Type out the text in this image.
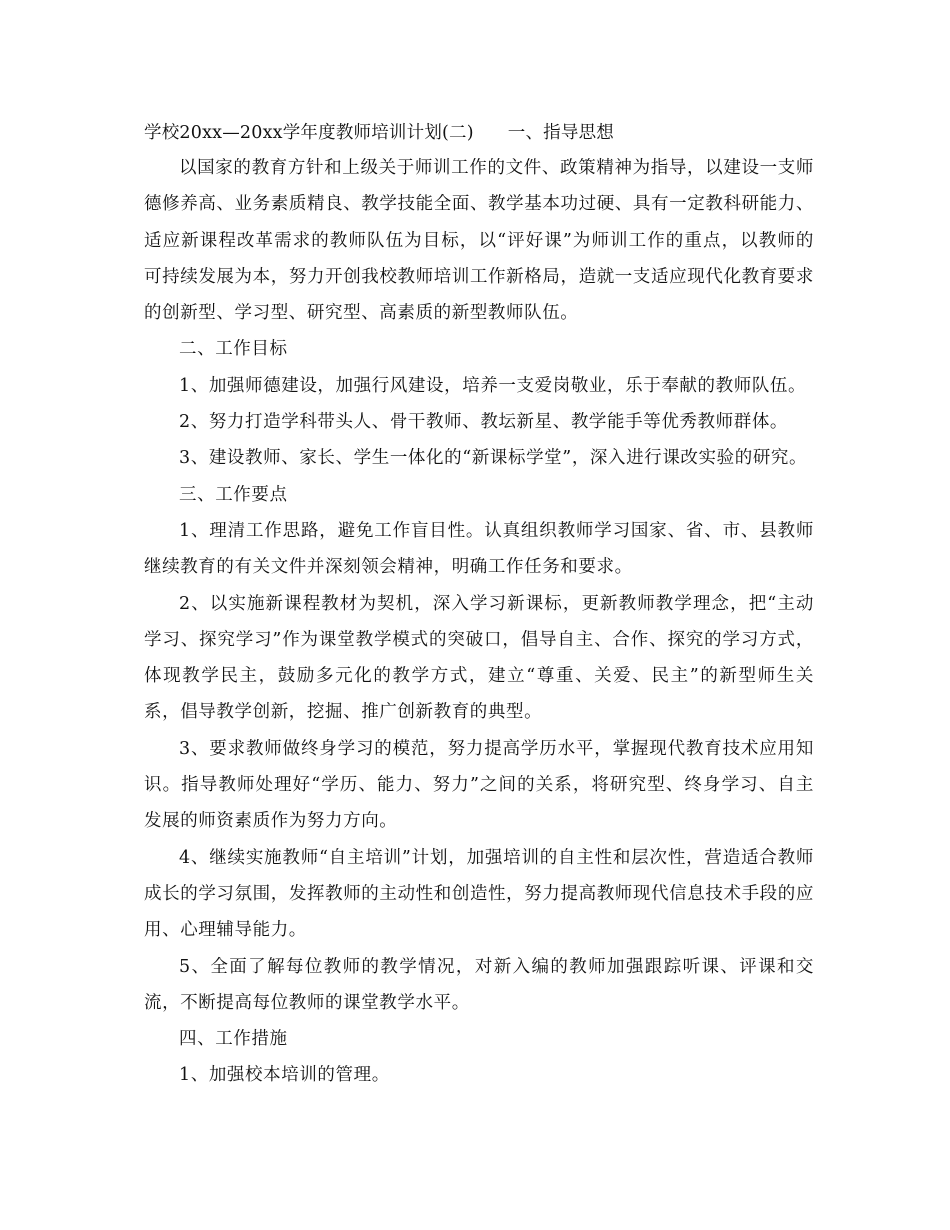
学校20xx—20xx学年度教师培训计划(二) 一、指导思想

以国家的教育方针和上级关于师训工作的文件、政策精神为指导，以建设一支师德修养高、业务素质精良、教学技能全面、教学基本功过硬、具有一定教科研能力、适应新课程改革需求的教师队伍为目标，以“评好课”为师训工作的重点，以教师的可持续发展为本，努力开创我校教师培训工作新格局，造就一支适应现代化教育要求的创新型、学习型、研究型、高素质的新型教师队伍。

二、工作目标

1、加强师德建设，加强行风建设，培养一支爱岗敬业，乐于奉献的教师队伍。

2、努力打造学科带头人、骨干教师、教坛新星、教学能手等优秀教师群体。

3、建设教师、家长、学生一体化的“新课标学堂”，深入进行课改实验的研究。

三、工作要点

1、理清工作思路，避免工作盲目性。认真组织教师学习国家、省、市、县教师继续教育的有关文件并深刻领会精神，明确工作任务和要求。

2、以实施新课程教材为契机，深入学习新课标，更新教师教学理念，把“主动学习、探究学习”作为课堂教学模式的突破口，倡导自主、合作、探究的学习方式，体现教学民主，鼓励多元化的教学方式，建立“尊重、关爱、民主”的新型师生关系，倡导教学创新，挖掘、推广创新教育的典型。

3、要求教师做终身学习的模范，努力提高学历水平，掌握现代教育技术应用知识。指导教师处理好“学历、能力、努力”之间的关系，将研究型、终身学习、自主发展的师资素质作为努力方向。

4、继续实施教师“自主培训”计划，加强培训的自主性和层次性，营造适合教师成长的学习氛围，发挥教师的主动性和创造性，努力提高教师现代信息技术手段的应用、心理辅导能力。

5、全面了解每位教师的教学情况，对新入编的教师加强跟踪听课、评课和交流，不断提高每位教师的课堂教学水平。

四、工作措施

1、加强校本培训的管理。
